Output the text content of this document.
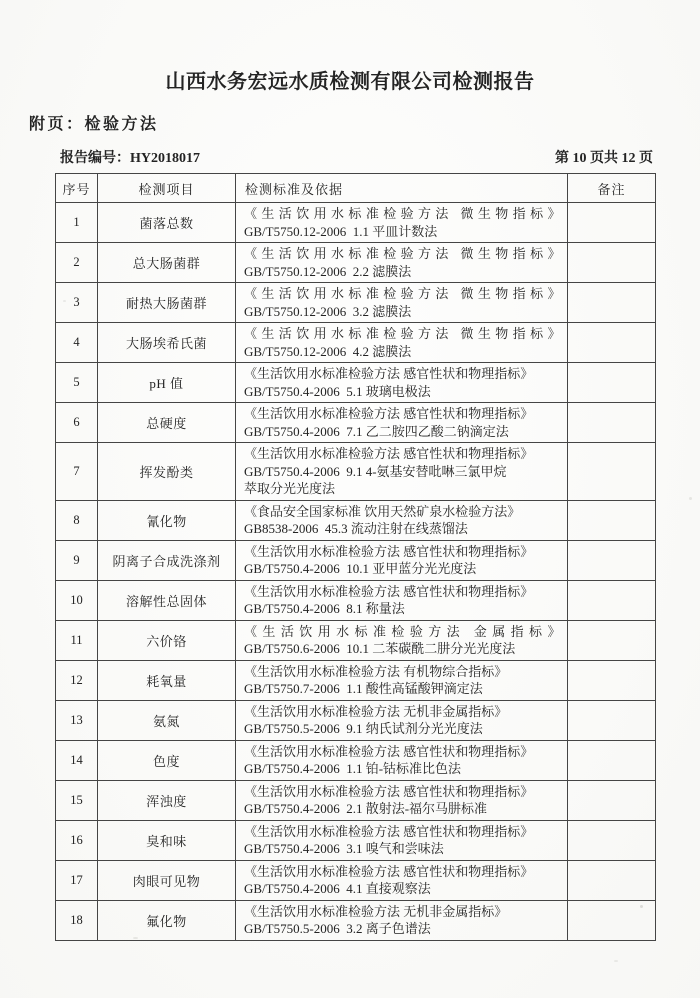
山西水务宏远水质检测有限公司检测报告
附页：检验方法
报告编号：HY2018017	第 10 页共 12 页
序号	检测项目	检测标准及依据	备注
1	菌落总数	《生活饮用水标准检验方法 微生物指标》
GB/T5750.12-2006  1.1 平皿计数法	

2	总大肠菌群	《生活饮用水标准检验方法 微生物指标》
GB/T5750.12-2006  2.2 滤膜法	

3	耐热大肠菌群	《生活饮用水标准检验方法 微生物指标》
GB/T5750.12-2006  3.2 滤膜法	

4	大肠埃希氏菌	《生活饮用水标准检验方法 微生物指标》
GB/T5750.12-2006  4.2 滤膜法	

5	pH 值	《生活饮用水标准检验方法 感官性状和物理指标》
GB/T5750.4-2006  5.1 玻璃电极法	

6	总硬度	《生活饮用水标准检验方法 感官性状和物理指标》
GB/T5750.4-2006  7.1 乙二胺四乙酸二钠滴定法	

7	挥发酚类	《生活饮用水标准检验方法 感官性状和物理指标》
GB/T5750.4-2006  9.1 4-氨基安替吡啉三氯甲烷
萃取分光光度法	

8	氰化物	《食品安全国家标准 饮用天然矿泉水检验方法》
GB8538-2006  45.3 流动注射在线蒸馏法	

9	阴离子合成洗涤剂	《生活饮用水标准检验方法 感官性状和物理指标》
GB/T5750.4-2006  10.1 亚甲蓝分光光度法	

10	溶解性总固体	《生活饮用水标准检验方法 感官性状和物理指标》
GB/T5750.4-2006  8.1 称量法	

11	六价铬	《生活饮用水标准检验方法 金属指标》
GB/T5750.6-2006  10.1 二苯碳酰二肼分光光度法	

12	耗氧量	《生活饮用水标准检验方法 有机物综合指标》
GB/T5750.7-2006  1.1 酸性高锰酸钾滴定法	

13	氨氮	《生活饮用水标准检验方法 无机非金属指标》
GB/T5750.5-2006  9.1 纳氏试剂分光光度法	

14	色度	《生活饮用水标准检验方法 感官性状和物理指标》
GB/T5750.4-2006  1.1 铂-钴标准比色法	

15	浑浊度	《生活饮用水标准检验方法 感官性状和物理指标》
GB/T5750.4-2006  2.1 散射法-福尔马肼标准	

16	臭和味	《生活饮用水标准检验方法 感官性状和物理指标》
GB/T5750.4-2006  3.1 嗅气和尝味法	

17	肉眼可见物	《生活饮用水标准检验方法 感官性状和物理指标》
GB/T5750.4-2006  4.1 直接观察法	

18	氟化物	《生活饮用水标准检验方法 无机非金属指标》
GB/T5750.5-2006  3.2 离子色谱法	
